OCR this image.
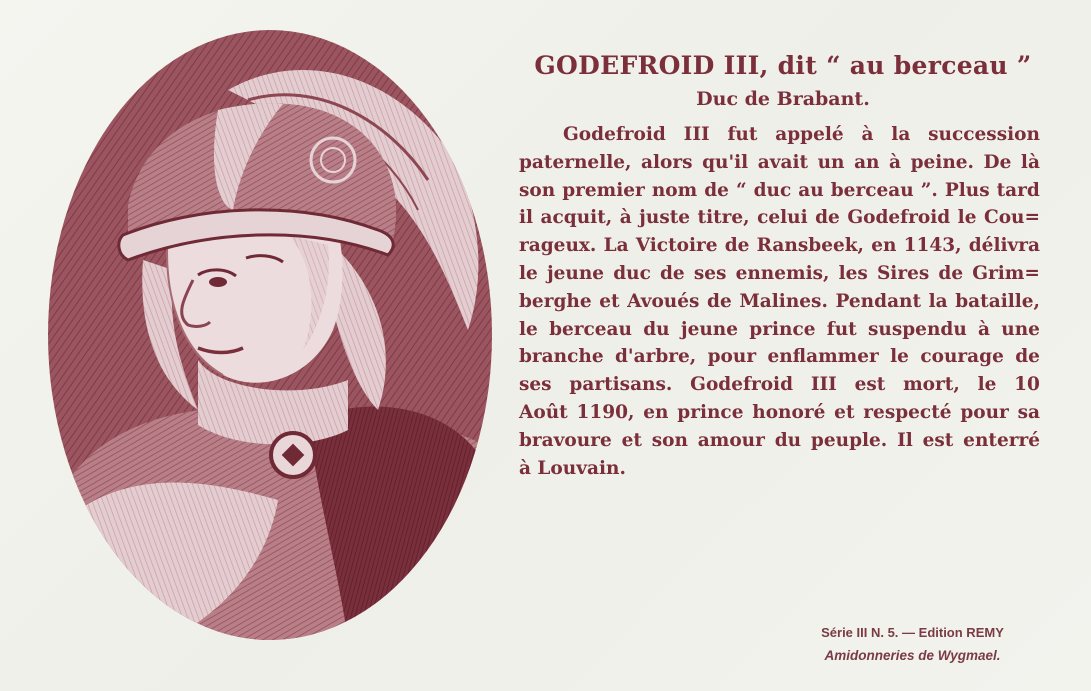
GODEFROID III, dit “ au berceau ”
Duc de Brabant.
Godefroid III fut appelé à la succession
paternelle, alors qu'il avait un an à peine. De là
son premier nom de “ duc au berceau ”. Plus tard
il acquit, à juste titre, celui de Godefroid le Cou=
rageux. La Victoire de Ransbeek, en 1143, délivra
le jeune duc de ses ennemis, les Sires de Grim=
berghe et Avoués de Malines. Pendant la bataille,
le berceau du jeune prince fut suspendu à une
branche d'arbre, pour enflammer le courage de
ses partisans. Godefroid III est mort, le 10
Août 1190, en prince honoré et respecté pour sa
bravoure et son amour du peuple. Il est enterré
à Louvain.
Série III N. 5. — Edition REMY
Amidonneries de Wygmael.
